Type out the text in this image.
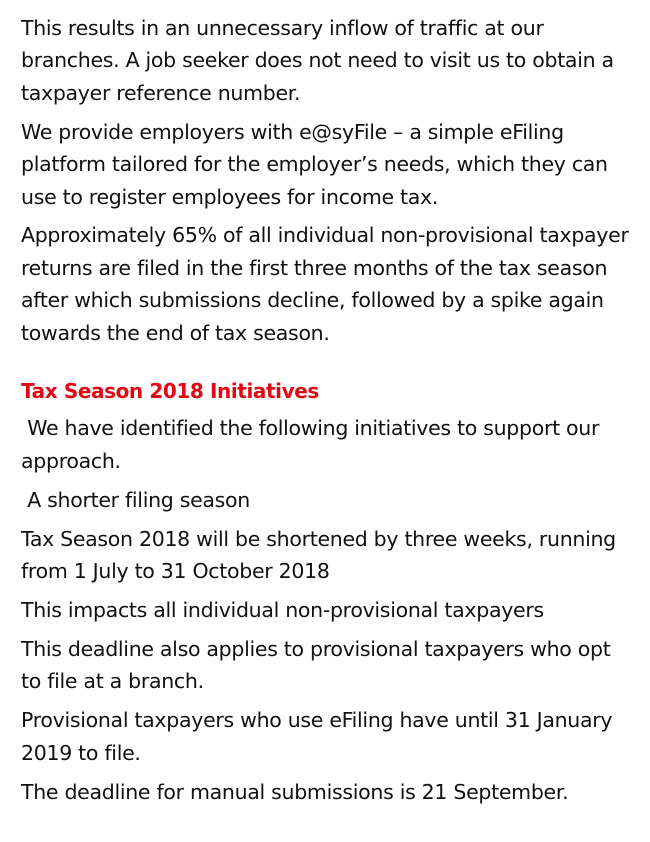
This results in an unnecessary inflow of traffic at our branches. A job seeker does not need to visit us to obtain a taxpayer reference number.

We provide employers with e@syFile – a simple eFiling platform tailored for the employer’s needs, which they can use to register employees for income tax.

Approximately 65% of all individual non-provisional taxpayer returns are filed in the first three months of the tax season after which submissions decline, followed by a spike again towards the end of tax season.

Tax Season 2018 Initiatives

We have identified the following initiatives to support our approach.

A shorter filing season

Tax Season 2018 will be shortened by three weeks, running from 1 July to 31 October 2018

This impacts all individual non-provisional taxpayers

This deadline also applies to provisional taxpayers who opt to file at a branch.

Provisional taxpayers who use eFiling have until 31 January 2019 to file.

The deadline for manual submissions is 21 September.
